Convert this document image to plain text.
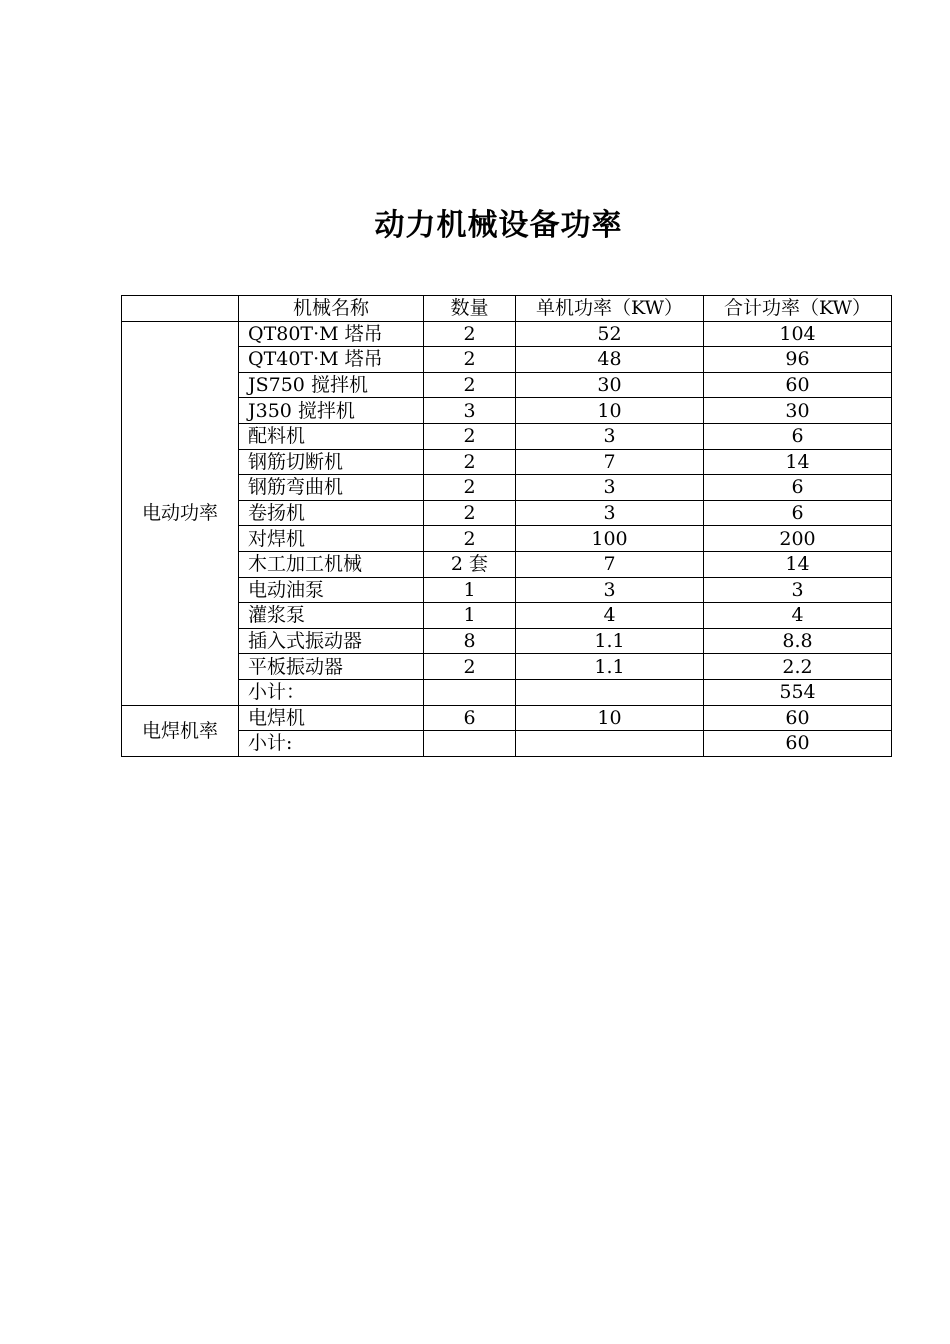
动力机械设备功率
	机械名称	数量	单机功率（KW）	合计功率（KW）
电动功率	QT80T·M 塔吊	2	52	104
	QT40T·M 塔吊	2	48	96
	JS750 搅拌机	2	30	60
	J350 搅拌机	3	10	30
	配料机	2	3	6
	钢筋切断机	2	7	14
	钢筋弯曲机	2	3	6
	卷扬机	2	3	6
	对焊机	2	100	200
	木工加工机械	2 套	7	14
	电动油泵	1	3	3
	灌浆泵	1	4	4
	插入式振动器	8	1.1	8.8
	平板振动器	2	1.1	2.2
	小计：			554
电焊机率	电焊机	6	10	60
	小计:			60
